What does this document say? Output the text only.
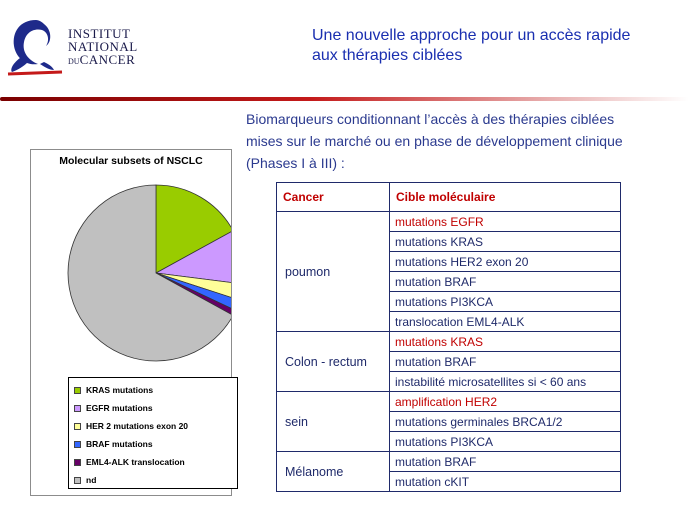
INSTITUT
NATIONAL
DUCANCER
Une nouvelle approche pour un accès rapide
aux thérapies ciblées
Biomarqueurs conditionnant l’accès à des thérapies ciblées
mises sur le marché ou en phase de développement clinique
(Phases I à III) :
Molecular subsets of NSCLC
KRAS mutations
EGFR mutations
HER 2 mutations exon 20
BRAF mutations
EML4-ALK translocation
nd
Cancer	Cible moléculaire
poumon	mutations EGFR
	mutations KRAS
	mutations HER2 exon 20
	mutation BRAF
	mutations PI3KCA
	translocation EML4-ALK
Colon - rectum	mutations KRAS
	mutation BRAF
	instabilité microsatellites si < 60 ans
sein	amplification HER2
	mutations germinales BRCA1/2
	mutations PI3KCA
Mélanome	mutation BRAF
	mutation cKIT
